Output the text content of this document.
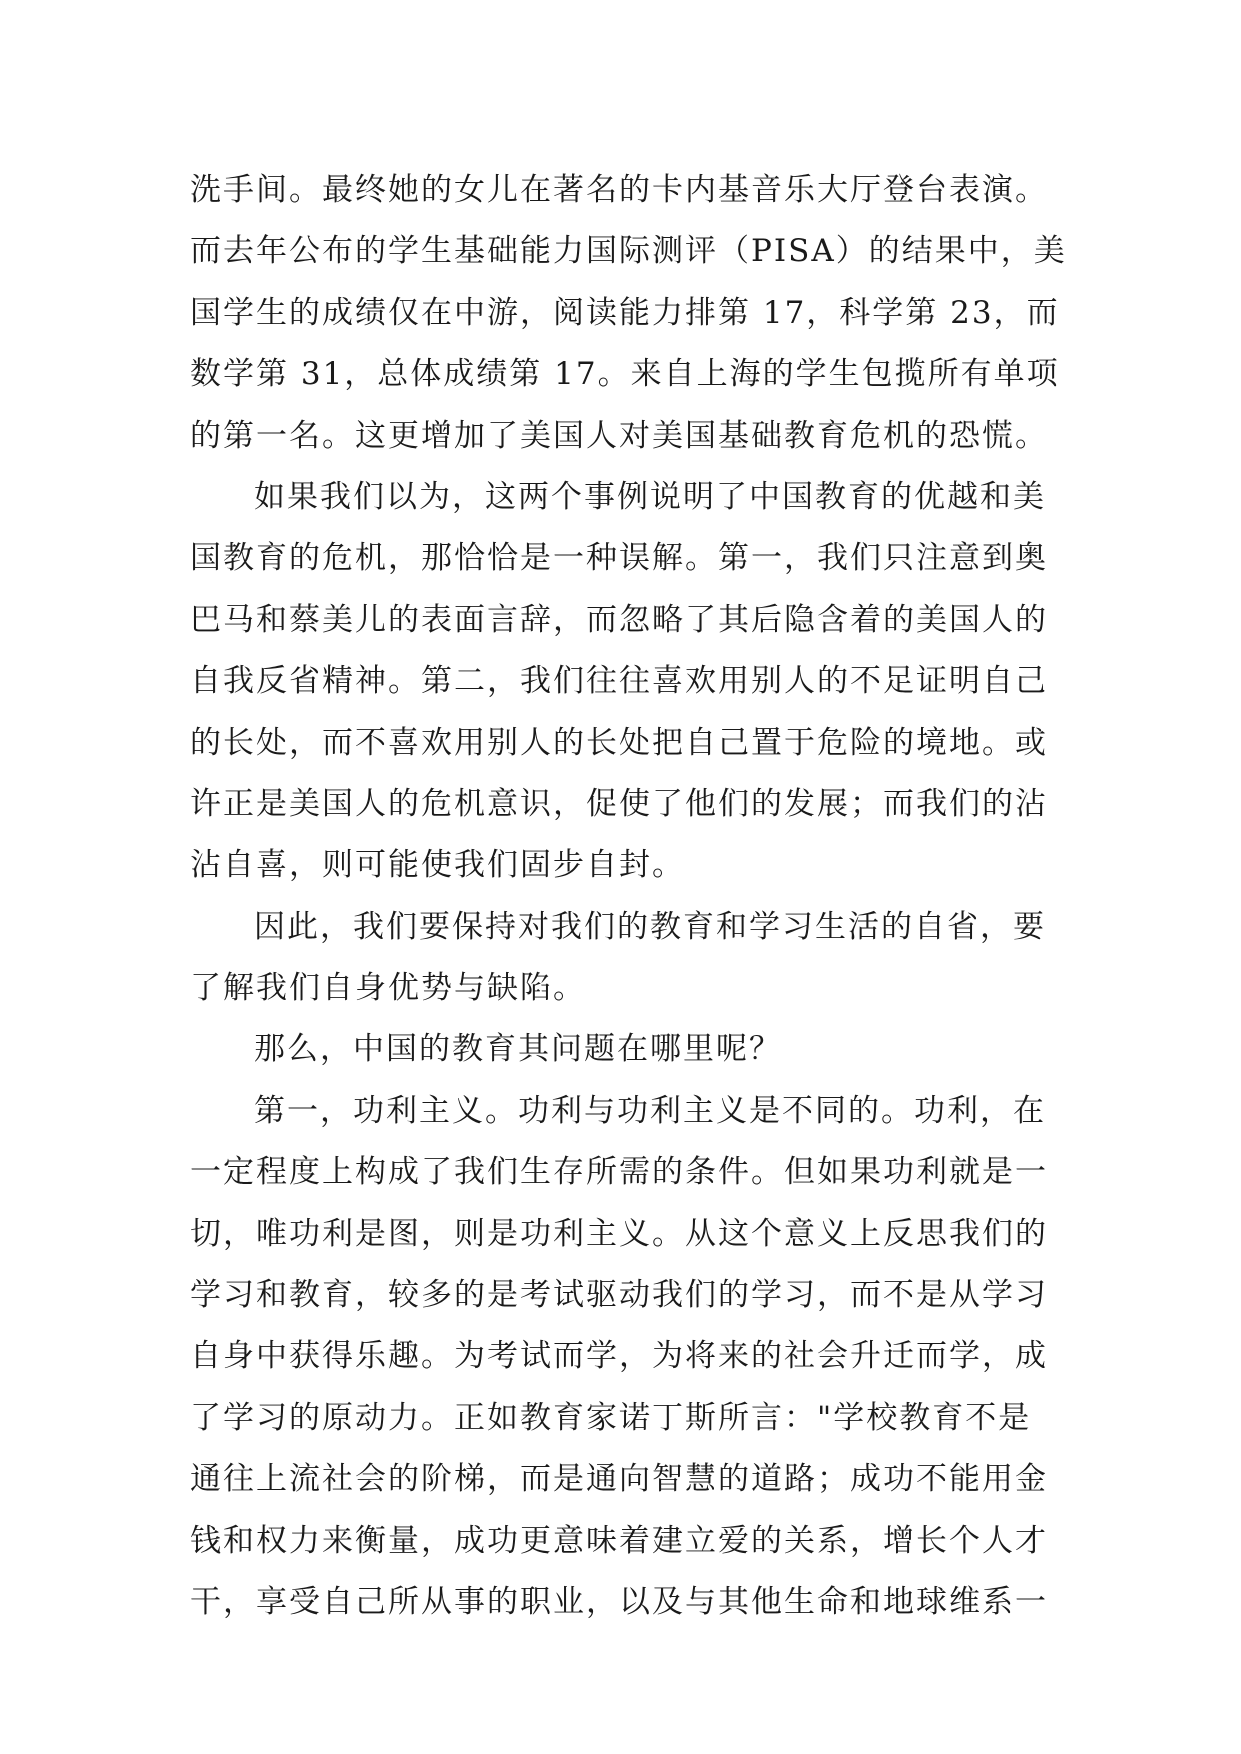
洗手间。最终她的女儿在著名的卡内基音乐大厅登台表演。
而去年公布的学生基础能力国际测评（PISA）的结果中，美
国学生的成绩仅在中游，阅读能力排第 17，科学第 23，而
数学第 31，总体成绩第 17。来自上海的学生包揽所有单项
的第一名。这更增加了美国人对美国基础教育危机的恐慌。
如果我们以为，这两个事例说明了中国教育的优越和美
国教育的危机，那恰恰是一种误解。第一，我们只注意到奥
巴马和蔡美儿的表面言辞，而忽略了其后隐含着的美国人的
自我反省精神。第二，我们往往喜欢用别人的不足证明自己
的长处，而不喜欢用别人的长处把自己置于危险的境地。或
许正是美国人的危机意识，促使了他们的发展；而我们的沾
沾自喜，则可能使我们固步自封。
因此，我们要保持对我们的教育和学习生活的自省，要
了解我们自身优势与缺陷。
那么，中国的教育其问题在哪里呢？
第一，功利主义。功利与功利主义是不同的。功利，在
一定程度上构成了我们生存所需的条件。但如果功利就是一
切，唯功利是图，则是功利主义。从这个意义上反思我们的
学习和教育，较多的是考试驱动我们的学习，而不是从学习
自身中获得乐趣。为考试而学，为将来的社会升迁而学，成
了学习的原动力。正如教育家诺丁斯所言："学校教育不是
通往上流社会的阶梯，而是通向智慧的道路；成功不能用金
钱和权力来衡量，成功更意味着建立爱的关系，增长个人才
干，享受自己所从事的职业，以及与其他生命和地球维系一
